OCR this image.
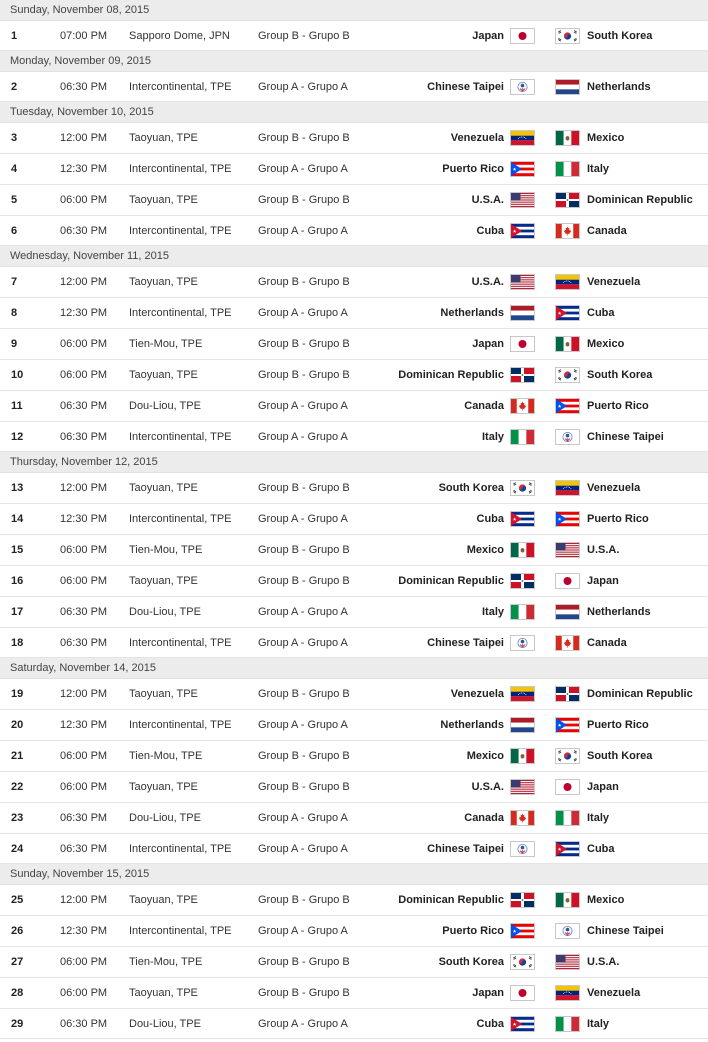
Sunday, November 08, 2015
1	07:00 PM	Sapporo Dome, JPN	Group B - Grupo B	Japan	South Korea
Monday, November 09, 2015
2	06:30 PM	Intercontinental, TPE	Group A - Grupo A	Chinese Taipei	Netherlands
Tuesday, November 10, 2015
3	12:00 PM	Taoyuan, TPE	Group B - Grupo B	Venezuela	Mexico
4	12:30 PM	Intercontinental, TPE	Group A - Grupo A	Puerto Rico	Italy
5	06:00 PM	Taoyuan, TPE	Group B - Grupo B	U.S.A.	Dominican Republic
6	06:30 PM	Intercontinental, TPE	Group A - Grupo A	Cuba	Canada
Wednesday, November 11, 2015
7	12:00 PM	Taoyuan, TPE	Group B - Grupo B	U.S.A.	Venezuela
8	12:30 PM	Intercontinental, TPE	Group A - Grupo A	Netherlands	Cuba
9	06:00 PM	Tien-Mou, TPE	Group B - Grupo B	Japan	Mexico
10	06:00 PM	Taoyuan, TPE	Group B - Grupo B	Dominican Republic	South Korea
11	06:30 PM	Dou-Liou, TPE	Group A - Grupo A	Canada	Puerto Rico
12	06:30 PM	Intercontinental, TPE	Group A - Grupo A	Italy	Chinese Taipei
Thursday, November 12, 2015
13	12:00 PM	Taoyuan, TPE	Group B - Grupo B	South Korea	Venezuela
14	12:30 PM	Intercontinental, TPE	Group A - Grupo A	Cuba	Puerto Rico
15	06:00 PM	Tien-Mou, TPE	Group B - Grupo B	Mexico	U.S.A.
16	06:00 PM	Taoyuan, TPE	Group B - Grupo B	Dominican Republic	Japan
17	06:30 PM	Dou-Liou, TPE	Group A - Grupo A	Italy	Netherlands
18	06:30 PM	Intercontinental, TPE	Group A - Grupo A	Chinese Taipei	Canada
Saturday, November 14, 2015
19	12:00 PM	Taoyuan, TPE	Group B - Grupo B	Venezuela	Dominican Republic
20	12:30 PM	Intercontinental, TPE	Group A - Grupo A	Netherlands	Puerto Rico
21	06:00 PM	Tien-Mou, TPE	Group B - Grupo B	Mexico	South Korea
22	06:00 PM	Taoyuan, TPE	Group B - Grupo B	U.S.A.	Japan
23	06:30 PM	Dou-Liou, TPE	Group A - Grupo A	Canada	Italy
24	06:30 PM	Intercontinental, TPE	Group A - Grupo A	Chinese Taipei	Cuba
Sunday, November 15, 2015
25	12:00 PM	Taoyuan, TPE	Group B - Grupo B	Dominican Republic	Mexico
26	12:30 PM	Intercontinental, TPE	Group A - Grupo A	Puerto Rico	Chinese Taipei
27	06:00 PM	Tien-Mou, TPE	Group B - Grupo B	South Korea	U.S.A.
28	06:00 PM	Taoyuan, TPE	Group B - Grupo B	Japan	Venezuela
29	06:30 PM	Dou-Liou, TPE	Group A - Grupo A	Cuba	Italy
